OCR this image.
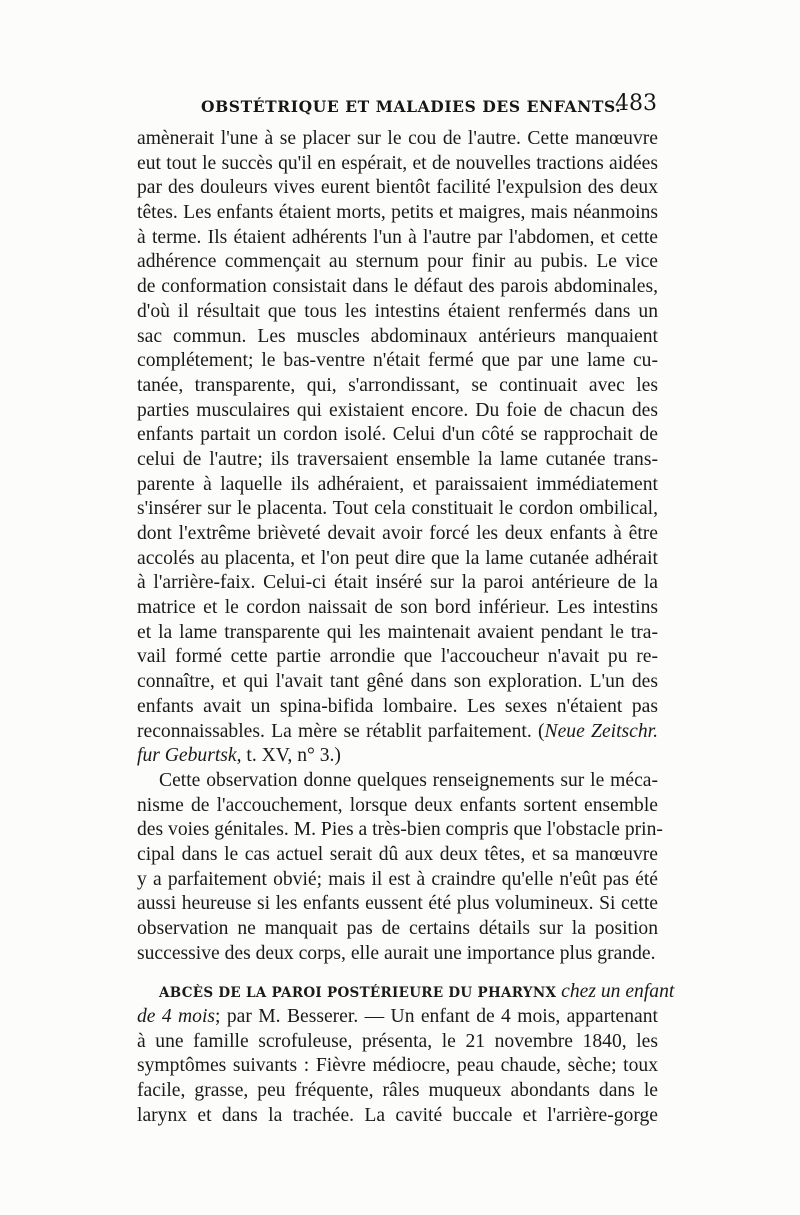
OBSTÉTRIQUE ET MALADIES DES ENFANTS.
483
amènerait l'une à se placer sur le cou de l'autre. Cette manœuvre
eut tout le succès qu'il en espérait, et de nouvelles tractions aidées
par des douleurs vives eurent bientôt facilité l'expulsion des deux
têtes. Les enfants étaient morts, petits et maigres, mais néanmoins
à terme. Ils étaient adhérents l'un à l'autre par l'abdomen, et cette
adhérence commençait au sternum pour finir au pubis. Le vice
de conformation consistait dans le défaut des parois abdominales,
d'où il résultait que tous les intestins étaient renfermés dans un
sac commun. Les muscles abdominaux antérieurs manquaient
complétement; le bas-ventre n'était fermé que par une lame cu-
tanée, transparente, qui, s'arrondissant, se continuait avec les
parties musculaires qui existaient encore. Du foie de chacun des
enfants partait un cordon isolé. Celui d'un côté se rapprochait de
celui de l'autre; ils traversaient ensemble la lame cutanée trans-
parente à laquelle ils adhéraient, et paraissaient immédiatement
s'insérer sur le placenta. Tout cela constituait le cordon ombilical,
dont l'extrême brièveté devait avoir forcé les deux enfants à être
accolés au placenta, et l'on peut dire que la lame cutanée adhérait
à l'arrière-faix. Celui-ci était inséré sur la paroi antérieure de la
matrice et le cordon naissait de son bord inférieur. Les intestins
et la lame transparente qui les maintenait avaient pendant le tra-
vail formé cette partie arrondie que l'accoucheur n'avait pu re-
connaître, et qui l'avait tant gêné dans son exploration. L'un des
enfants avait un spina-bifida lombaire. Les sexes n'étaient pas
reconnaissables. La mère se rétablit parfaitement. (Neue Zeitschr.
fur Geburtsk, t. XV, n° 3.)
Cette observation donne quelques renseignements sur le méca-
nisme de l'accouchement, lorsque deux enfants sortent ensemble
des voies génitales. M. Pies a très-bien compris que l'obstacle prin-
cipal dans le cas actuel serait dû aux deux têtes, et sa manœuvre
y a parfaitement obvié; mais il est à craindre qu'elle n'eût pas été
aussi heureuse si les enfants eussent été plus volumineux. Si cette
observation ne manquait pas de certains détails sur la position
successive des deux corps, elle aurait une importance plus grande.
ABCÈS DE LA PAROI POSTÉRIEURE DU PHARYNX chez un enfant
de 4 mois; par M. Besserer. — Un enfant de 4 mois, appartenant
à une famille scrofuleuse, présenta, le 21 novembre 1840, les
symptômes suivants : Fièvre médiocre, peau chaude, sèche; toux
facile, grasse, peu fréquente, râles muqueux abondants dans le
larynx et dans la trachée. La cavité buccale et l'arrière-gorge
